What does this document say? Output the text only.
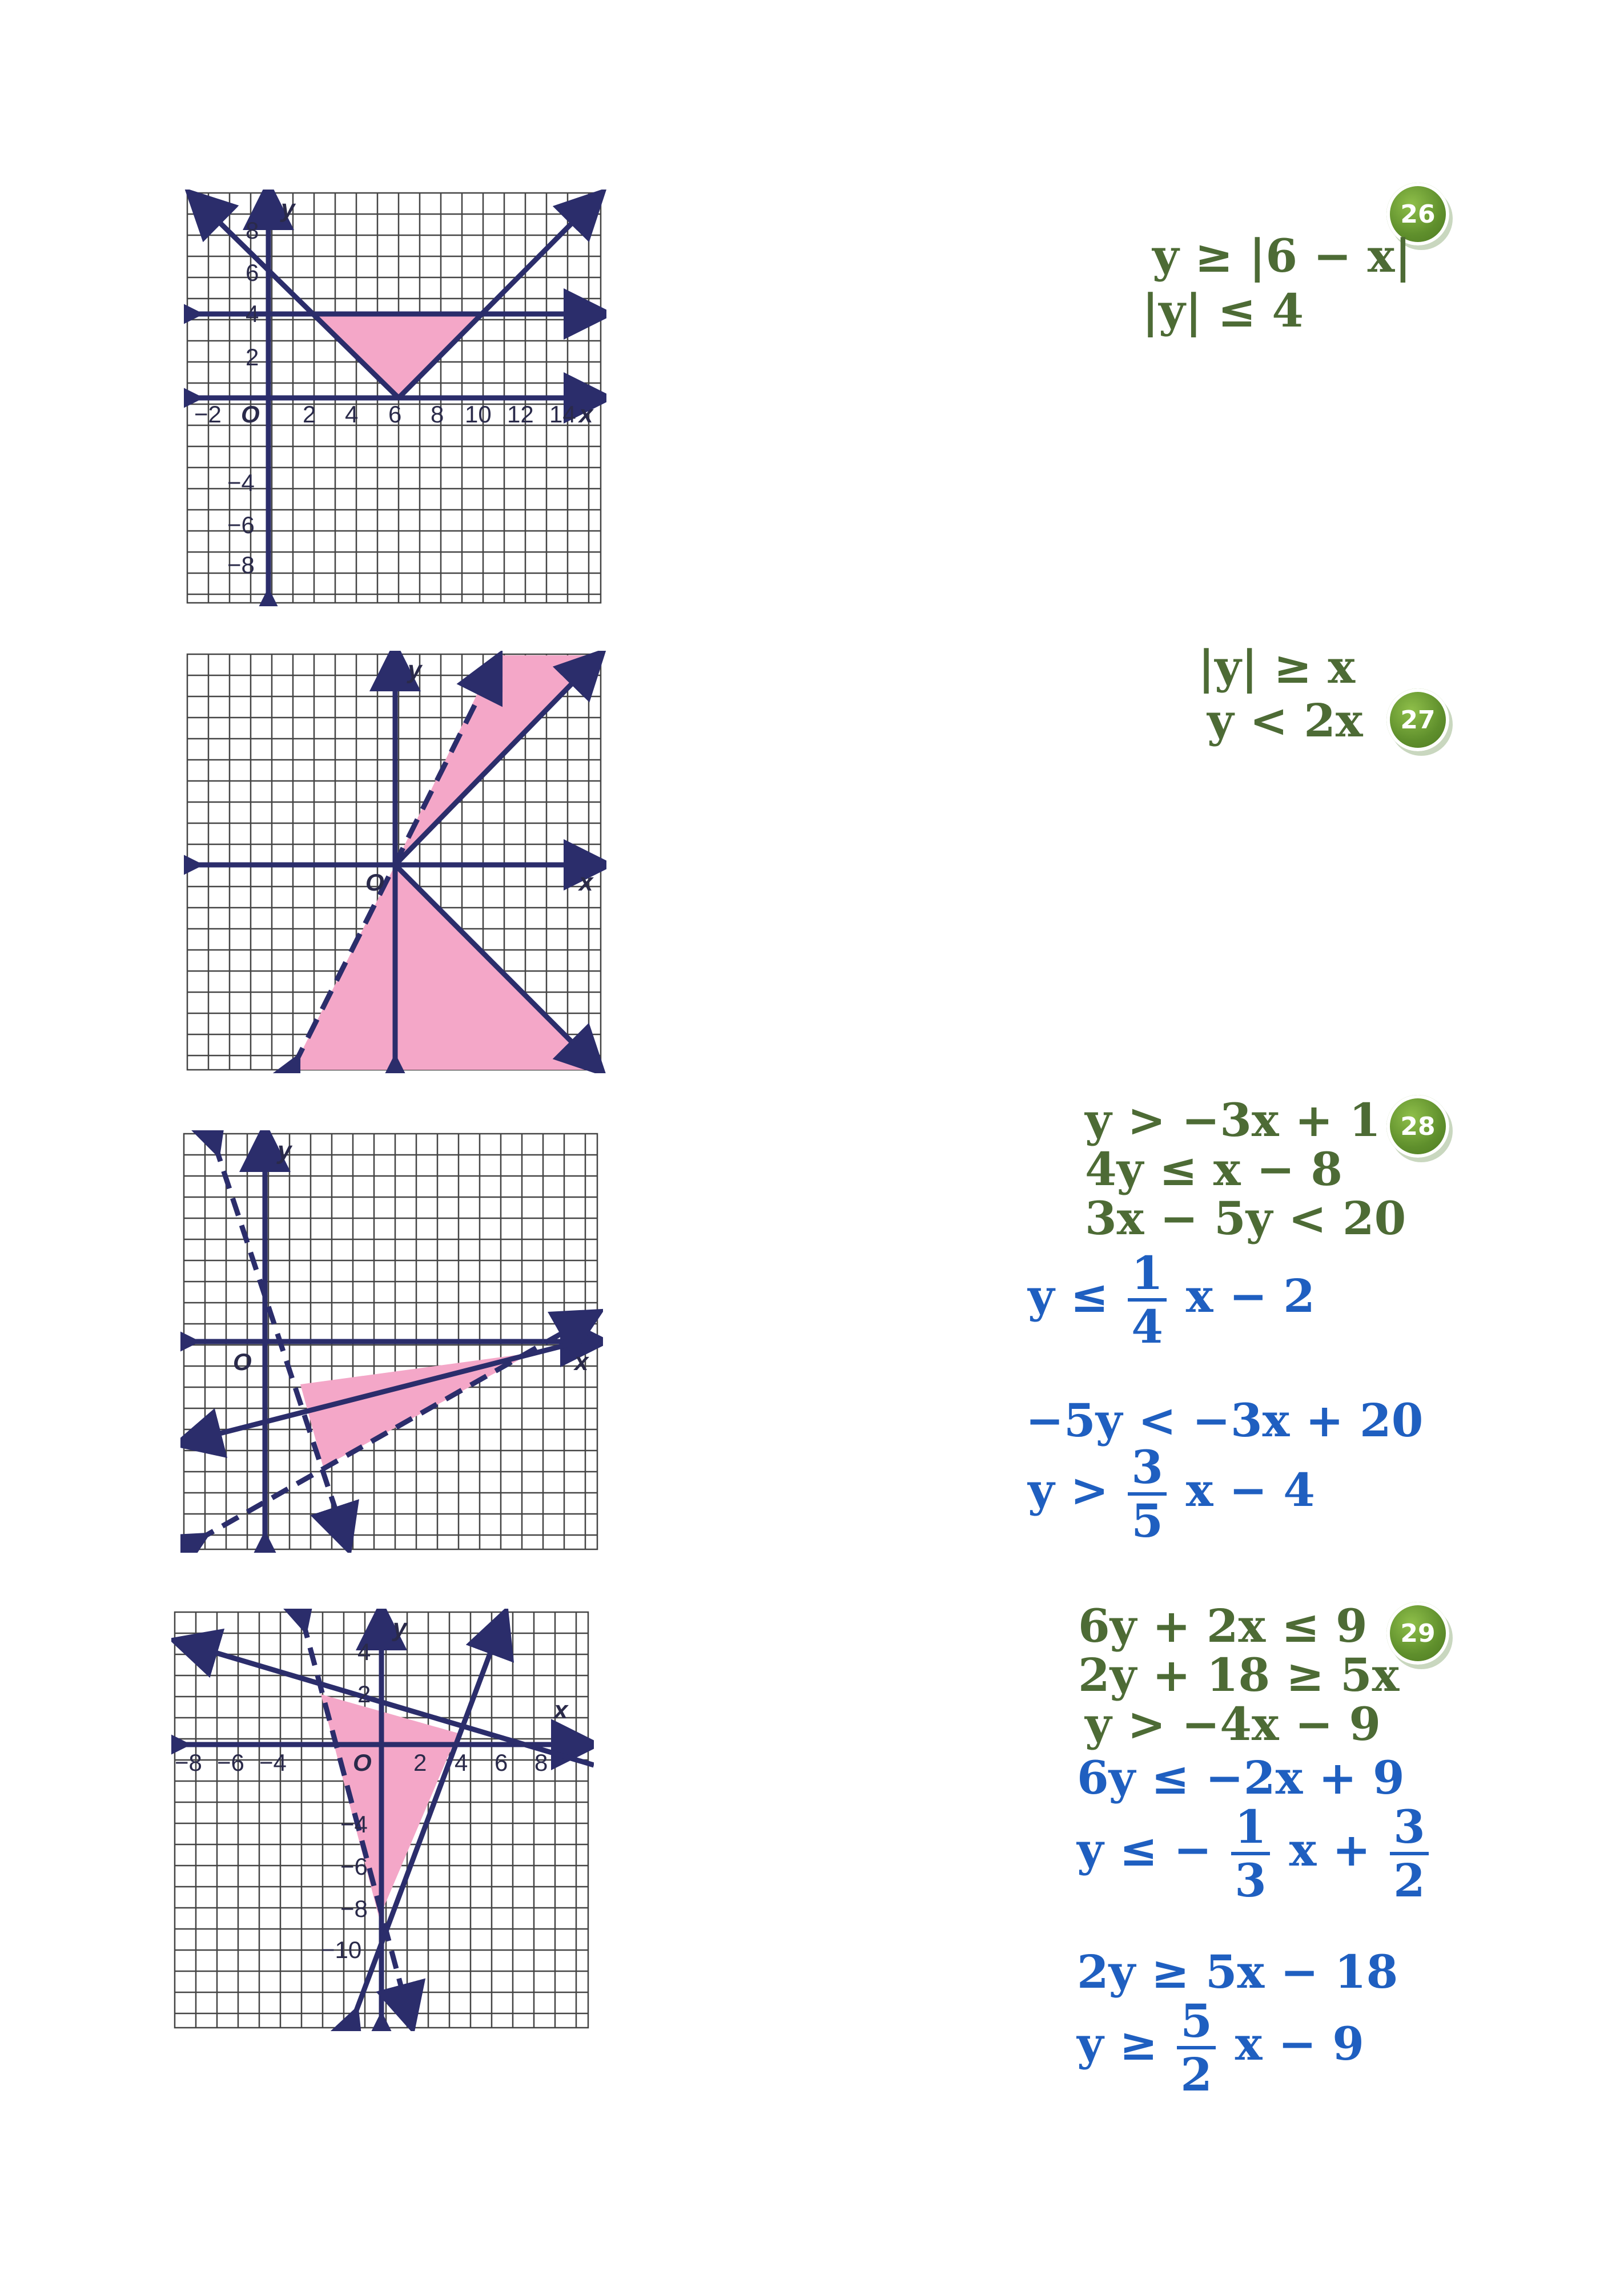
y
x
O
−2	2 4 6 8 10 12 14
8
6
4
2
−4
−6
−8
26
y ≥ |6 − x|
|y| ≤ 4
y
x
O
|y| ≥ x
y < 2x	27
y
x
O
28
y > −3x + 1
4y ≤ x − 8
3x − 5y < 20
$y \le \frac{1}{4}$ x − 2
−5y < −3x + 20
$y > \frac{3}{5}$ x − 4
y
x
O
−8 −6 −4	2 4 6 8
4
2
−4
−6
−8
−10
29
6y + 2x ≤ 9
2y + 18 ≥ 5x
y > −4x − 9
6y ≤ −2x + 9
y ≤ − $\frac{1}{3}$ $x + \frac{3}{2}$
2y ≥ 5x − 18
$y \ge \frac{5}{2}$ x − 9
